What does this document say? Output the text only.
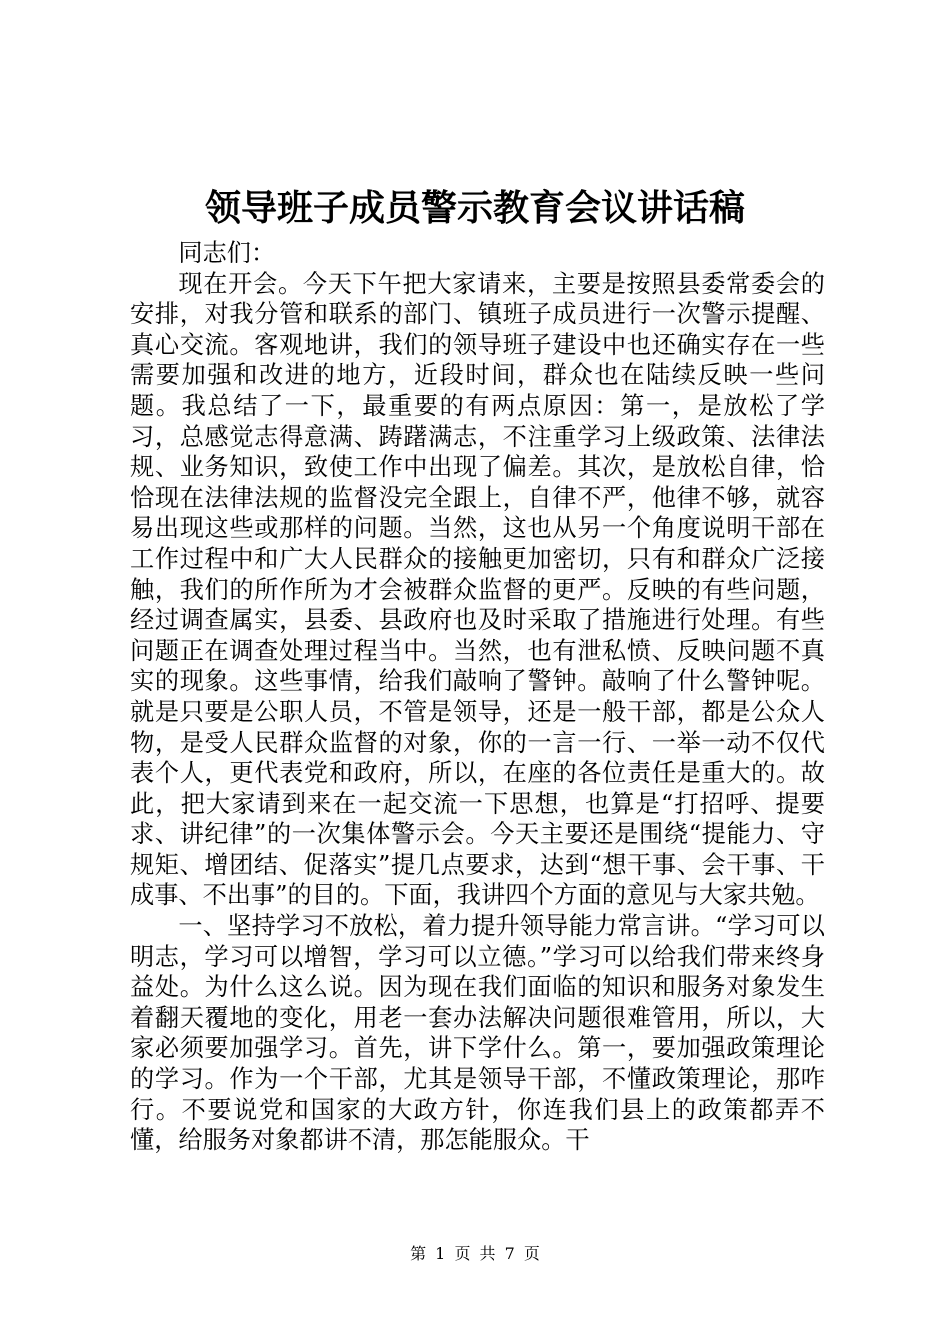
领导班子成员警示教育会议讲话稿

同志们：

现在开会。今天下午把大家请来，主要是按照县委常委会的安排，对我分管和联系的部门、镇班子成员进行一次警示提醒、真心交流。客观地讲，我们的领导班子建设中也还确实存在一些需要加强和改进的地方，近段时间，群众也在陆续反映一些问题。我总结了一下，最重要的有两点原因：第一，是放松了学习，总感觉志得意满、踌躇满志，不注重学习上级政策、法律法规、业务知识，致使工作中出现了偏差。其次，是放松自律，恰恰现在法律法规的监督没完全跟上，自律不严，他律不够，就容易出现这些或那样的问题。当然，这也从另一个角度说明干部在工作过程中和广大人民群众的接触更加密切，只有和群众广泛接触，我们的所作所为才会被群众监督的更严。反映的有些问题，经过调查属实，县委、县政府也及时采取了措施进行处理。有些问题正在调查处理过程当中。当然，也有泄私愤、反映问题不真实的现象。这些事情，给我们敲响了警钟。敲响了什么警钟呢。就是只要是公职人员，不管是领导，还是一般干部，都是公众人物，是受人民群众监督的对象，你的一言一行、一举一动不仅代表个人，更代表党和政府，所以，在座的各位责任是重大的。故此，把大家请到来在一起交流一下思想，也算是“打招呼、提要求、讲纪律”的一次集体警示会。今天主要还是围绕“提能力、守规矩、增团结、促落实”提几点要求，达到“想干事、会干事、干成事、不出事”的目的。下面，我讲四个方面的意见与大家共勉。

一、坚持学习不放松，着力提升领导能力常言讲。“学习可以明志，学习可以增智，学习可以立德。”学习可以给我们带来终身益处。为什么这么说。因为现在我们面临的知识和服务对象发生着翻天覆地的变化，用老一套办法解决问题很难管用，所以，大家必须要加强学习。首先，讲下学什么。第一，要加强政策理论的学习。作为一个干部，尤其是领导干部，不懂政策理论，那咋行。不要说党和国家的大政方针，你连我们县上的政策都弄不懂，给服务对象都讲不清，那怎能服众。干

第 1 页 共 7 页
